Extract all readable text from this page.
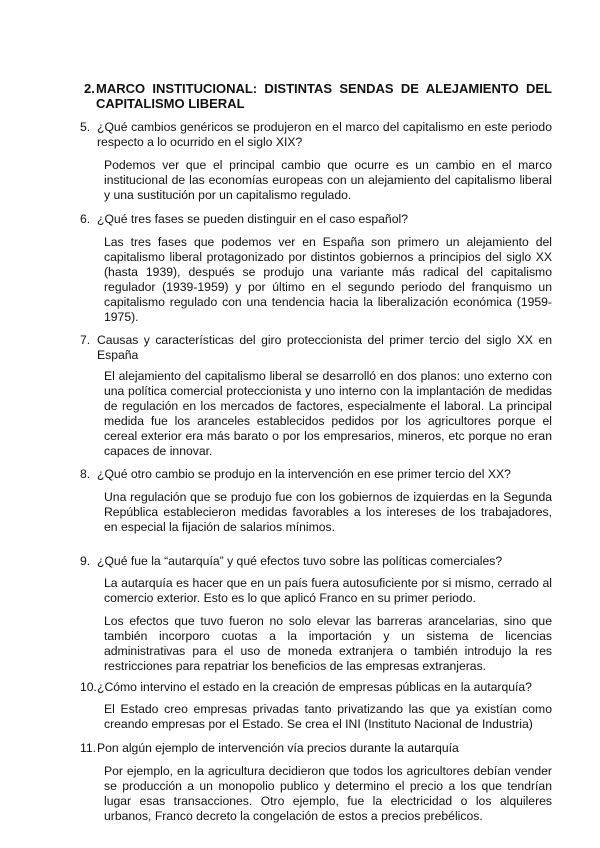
2.MARCO INSTITUCIONAL: DISTINTAS SENDAS DE ALEJAMIENTO DEL
CAPITALISMO LIBERAL
5. ¿Qué cambios genéricos se produjeron en el marco del capitalismo en este periodo respecto a lo ocurrido en el siglo XIX?

Podemos ver que el principal cambio que ocurre es un cambio en el marco institucional de las economías europeas con un alejamiento del capitalismo liberal y una sustitución por un capitalismo regulado.

6. ¿Qué tres fases se pueden distinguir en el caso español?

Las tres fases que podemos ver en España son primero un alejamiento del capitalismo liberal protagonizado por distintos gobiernos a principios del siglo XX (hasta 1939), después se produjo una variante más radical del capitalismo regulador (1939-1959) y por último en el segundo periodo del franquismo un capitalismo regulado con una tendencia hacia la liberalización económica (1959-1975).

7. Causas y características del giro proteccionista del primer tercio del siglo XX en España

El alejamiento del capitalismo liberal se desarrolló en dos planos: uno externo con una política comercial proteccionista y uno interno con la implantación de medidas de regulación en los mercados de factores, especialmente el laboral. La principal medida fue los aranceles establecidos pedidos por los agricultores porque el cereal exterior era más barato o por los empresarios, mineros, etc porque no eran capaces de innovar.

8. ¿Qué otro cambio se produjo en la intervención en ese primer tercio del XX?

Una regulación que se produjo fue con los gobiernos de izquierdas en la Segunda República establecieron medidas favorables a los intereses de los trabajadores, en especial la fijación de salarios mínimos.

9. ¿Qué fue la “autarquía” y qué efectos tuvo sobre las políticas comerciales?

La autarquía es hacer que en un país fuera autosuficiente por si mismo, cerrado al comercio exterior. Esto es lo que aplicó Franco en su primer periodo.

Los efectos que tuvo fueron no solo elevar las barreras arancelarias, sino que también incorporo cuotas a la importación y un sistema de licencias administrativas para el uso de moneda extranjera o también introdujo la res restricciones para repatriar los beneficios de las empresas extranjeras.

10. ¿Cómo intervino el estado en la creación de empresas públicas en la autarquía?

El Estado creo empresas privadas tanto privatizando las que ya existían como creando empresas por el Estado. Se crea el INI (Instituto Nacional de Industria)

11. Pon algún ejemplo de intervención vía precios durante la autarquía

Por ejemplo, en la agricultura decidieron que todos los agricultores debían vender se producción a un monopolio publico y determino el precio a los que tendrían lugar esas transacciones. Otro ejemplo, fue la electricidad o los alquileres urbanos, Franco decreto la congelación de estos a precios prebélicos.
